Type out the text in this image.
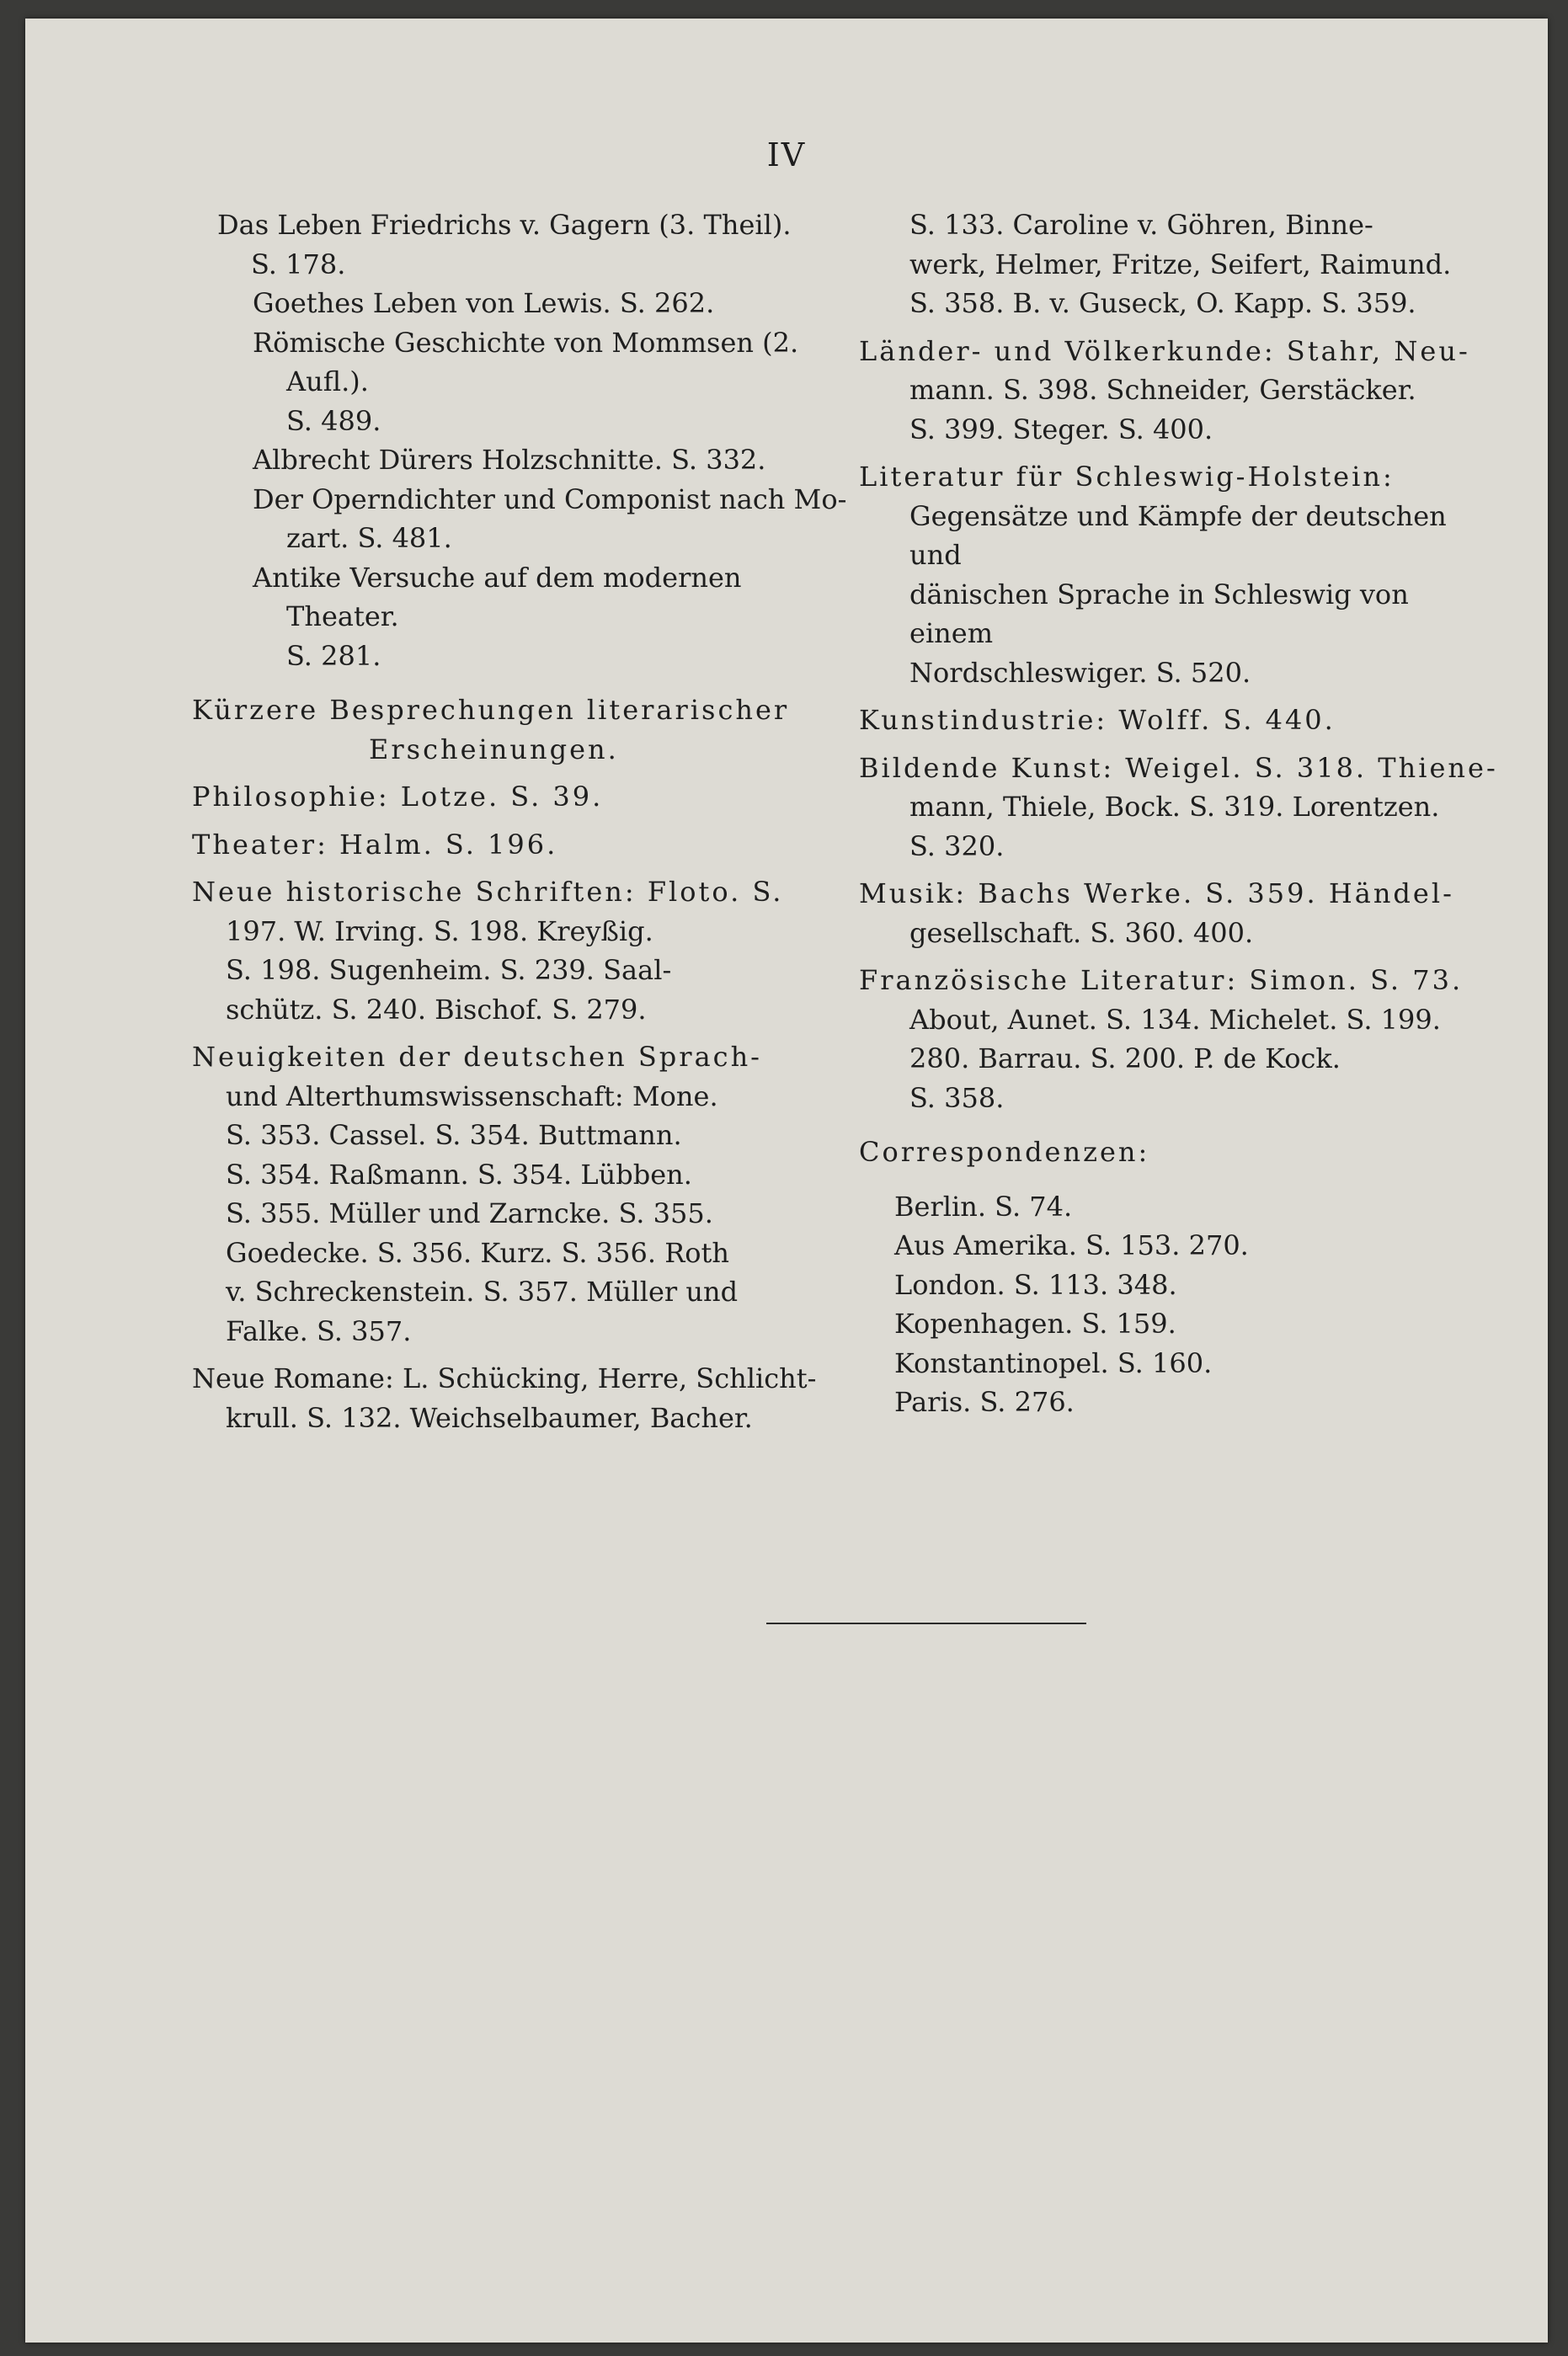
IV
Das Leben Friedrichs v. Gagern (3. Theil).
S. 178.
Goethes Leben von Lewis. S. 262.
Römische Geschichte von Mommsen (2. Aufl.).
S. 489.
Albrecht Dürers Holzschnitte. S. 332.
Der Operndichter und Componist nach Mo-
zart. S. 481.
Antike Versuche auf dem modernen Theater.
S. 281.
Kürzere Besprechungen literarischer
Erscheinungen.
Philosophie: Lotze. S. 39.
Theater: Halm. S. 196.
Neue historische Schriften: Floto. S.
197. W. Irving. S. 198. Kreyßig.
S. 198. Sugenheim. S. 239. Saal-
schütz. S. 240. Bischof. S. 279.
Neuigkeiten der deutschen Sprach-
und Alterthumswissenschaft: Mone.
S. 353. Cassel. S. 354. Buttmann.
S. 354. Raßmann. S. 354. Lübben.
S. 355. Müller und Zarncke. S. 355.
Goedecke. S. 356. Kurz. S. 356. Roth
v. Schreckenstein. S. 357. Müller und
Falke. S. 357.
Neue Romane: L. Schücking, Herre, Schlicht-
krull. S. 132. Weichselbaumer, Bacher.
S. 133. Caroline v. Göhren, Binne-
werk, Helmer, Fritze, Seifert, Raimund.
S. 358. B. v. Guseck, O. Kapp. S. 359.
Länder- und Völkerkunde: Stahr, Neu-
mann. S. 398. Schneider, Gerstäcker.
S. 399. Steger. S. 400.
Literatur für Schleswig-Holstein:
Gegensätze und Kämpfe der deutschen und
dänischen Sprache in Schleswig von einem
Nordschleswiger. S. 520.
Kunstindustrie: Wolff. S. 440.
Bildende Kunst: Weigel. S. 318. Thiene-
mann, Thiele, Bock. S. 319. Lorentzen.
S. 320.
Musik: Bachs Werke. S. 359. Händel-
gesellschaft. S. 360. 400.
Französische Literatur: Simon. S. 73.
About, Aunet. S. 134. Michelet. S. 199.
280. Barrau. S. 200. P. de Kock.
S. 358.
Correspondenzen:
Berlin. S. 74.
Aus Amerika. S. 153. 270.
London. S. 113. 348.
Kopenhagen. S. 159.
Konstantinopel. S. 160.
Paris. S. 276.
